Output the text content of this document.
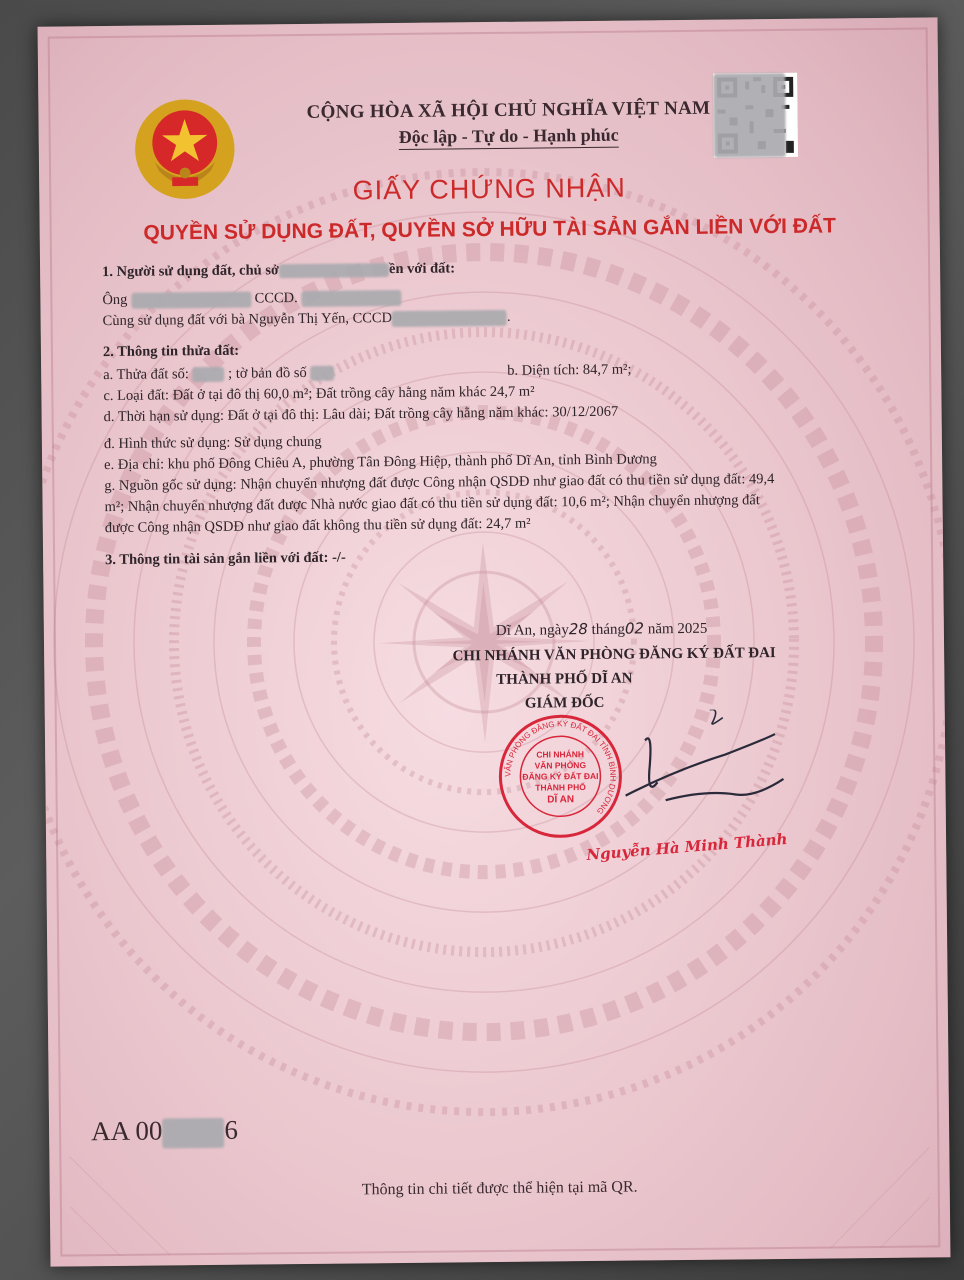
CỘNG HÒA XÃ HỘI CHỦ NGHĨA VIỆT NAM
Độc lập - Tự do - Hạnh phúc
GIẤY CHỨNG NHẬN
QUYỀN SỬ DỤNG ĐẤT, QUYỀN SỞ HỮU TÀI SẢN GẮN LIỀN VỚI ĐẤT
1. Người sử dụng đất, chủ sở	ền với đất:
Ông	CCCD.
Cùng sử dụng đất với bà Nguyễn Thị Yến, CCCD	.
2. Thông tin thửa đất:
a. Thửa đất số:	; tờ bản đồ số	b. Diện tích: 84,7 m²;
c. Loại đất: Đất ở tại đô thị 60,0 m²; Đất trồng cây hằng năm khác 24,7 m²
d. Thời hạn sử dụng: Đất ở tại đô thị: Lâu dài; Đất trồng cây hằng năm khác: 30/12/2067
đ. Hình thức sử dụng: Sử dụng chung
e. Địa chỉ: khu phố Đông Chiêu A, phường Tân Đông Hiệp, thành phố Dĩ An, tỉnh Bình Dương
g. Nguồn gốc sử dụng: Nhận chuyển nhượng đất được Công nhận QSDĐ như giao đất có thu tiền sử dụng đất: 49,4
m²; Nhận chuyển nhượng đất được Nhà nước giao đất có thu tiền sử dụng đất: 10,6 m²; Nhận chuyển nhượng đất
được Công nhận QSDĐ như giao đất không thu tiền sử dụng đất: 24,7 m²
3. Thông tin tài sản gắn liền với đất: -/-
Dĩ An, ngày28 tháng02 năm 2025
CHI NHÁNH VĂN PHÒNG ĐĂNG KÝ ĐẤT ĐAI
THÀNH PHỐ DĨ AN
GIÁM ĐỐC
VĂN PHÒNG ĐĂNG KÝ ĐẤT ĐAI TỈNH BÌNH DƯƠNG
CHI NHÁNH
VĂN PHÒNG
ĐĂNG KÝ ĐẤT ĐAI
THÀNH PHỐ
DĨ AN
Nguyễn Hà Minh Thành
AA 00 6
Thông tin chi tiết được thể hiện tại mã QR.
